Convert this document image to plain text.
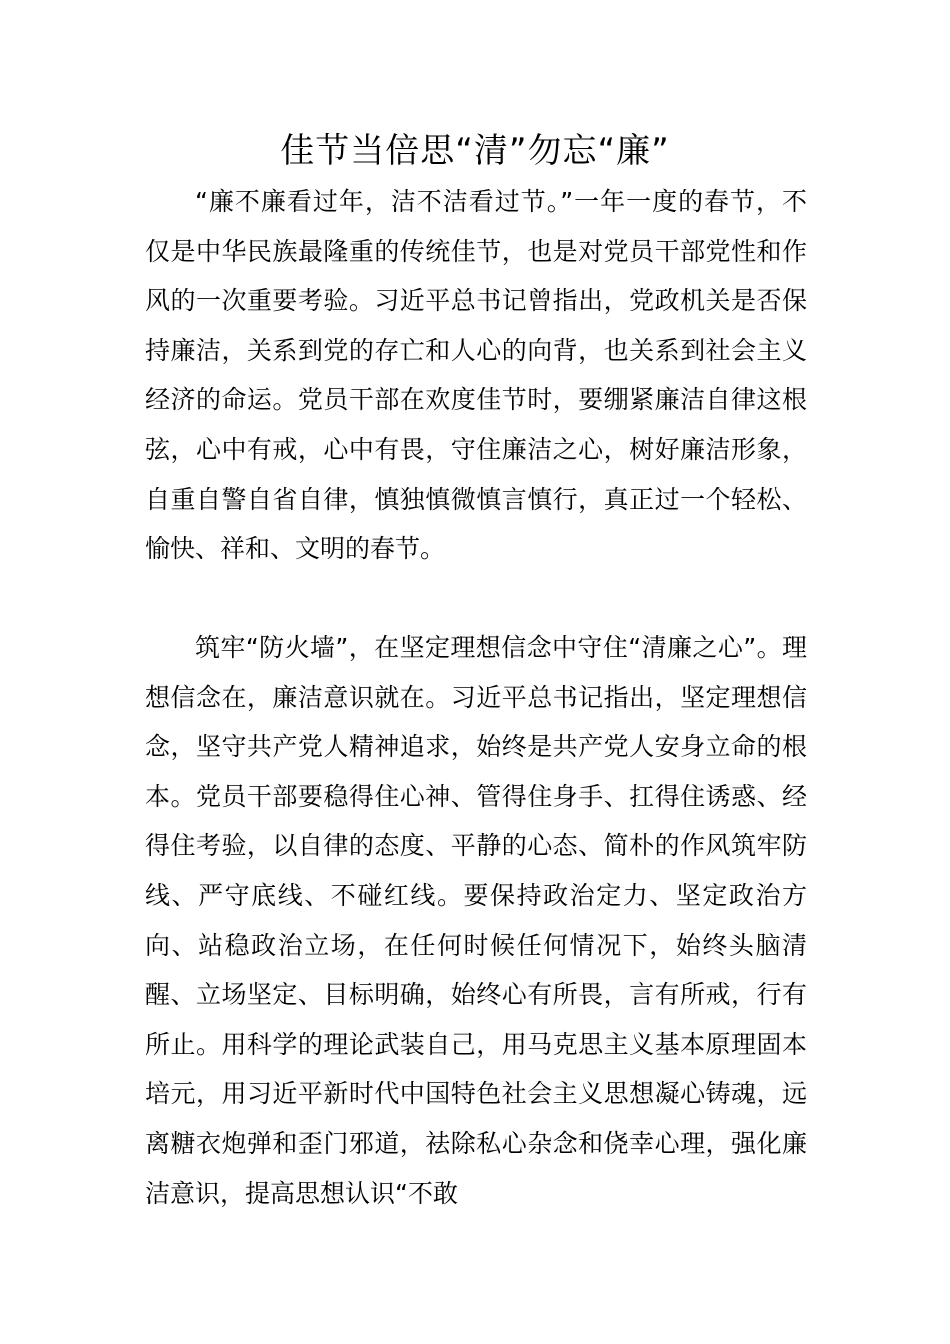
佳节当倍思“清”勿忘“廉”

“廉不廉看过年，洁不洁看过节。”一年一度的春节，不仅是中华民族最隆重的传统佳节，也是对党员干部党性和作风的一次重要考验。习近平总书记曾指出，党政机关是否保持廉洁，关系到党的存亡和人心的向背，也关系到社会主义经济的命运。党员干部在欢度佳节时，要绷紧廉洁自律这根弦，心中有戒，心中有畏，守住廉洁之心，树好廉洁形象，自重自警自省自律，慎独慎微慎言慎行，真正过一个轻松、愉快、祥和、文明的春节。

筑牢“防火墙”，在坚定理想信念中守住“清廉之心”。理想信念在，廉洁意识就在。习近平总书记指出，坚定理想信念，坚守共产党人精神追求，始终是共产党人安身立命的根本。党员干部要稳得住心神、管得住身手、扛得住诱惑、经得住考验，以自律的态度、平静的心态、简朴的作风筑牢防线、严守底线、不碰红线。要保持政治定力、坚定政治方向、站稳政治立场，在任何时候任何情况下，始终头脑清醒、立场坚定、目标明确，始终心有所畏，言有所戒，行有所止。用科学的理论武装自己，用马克思主义基本原理固本培元，用习近平新时代中国特色社会主义思想凝心铸魂，远离糖衣炮弹和歪门邪道，祛除私心杂念和侥幸心理，强化廉洁意识，提高思想认识“不敢
